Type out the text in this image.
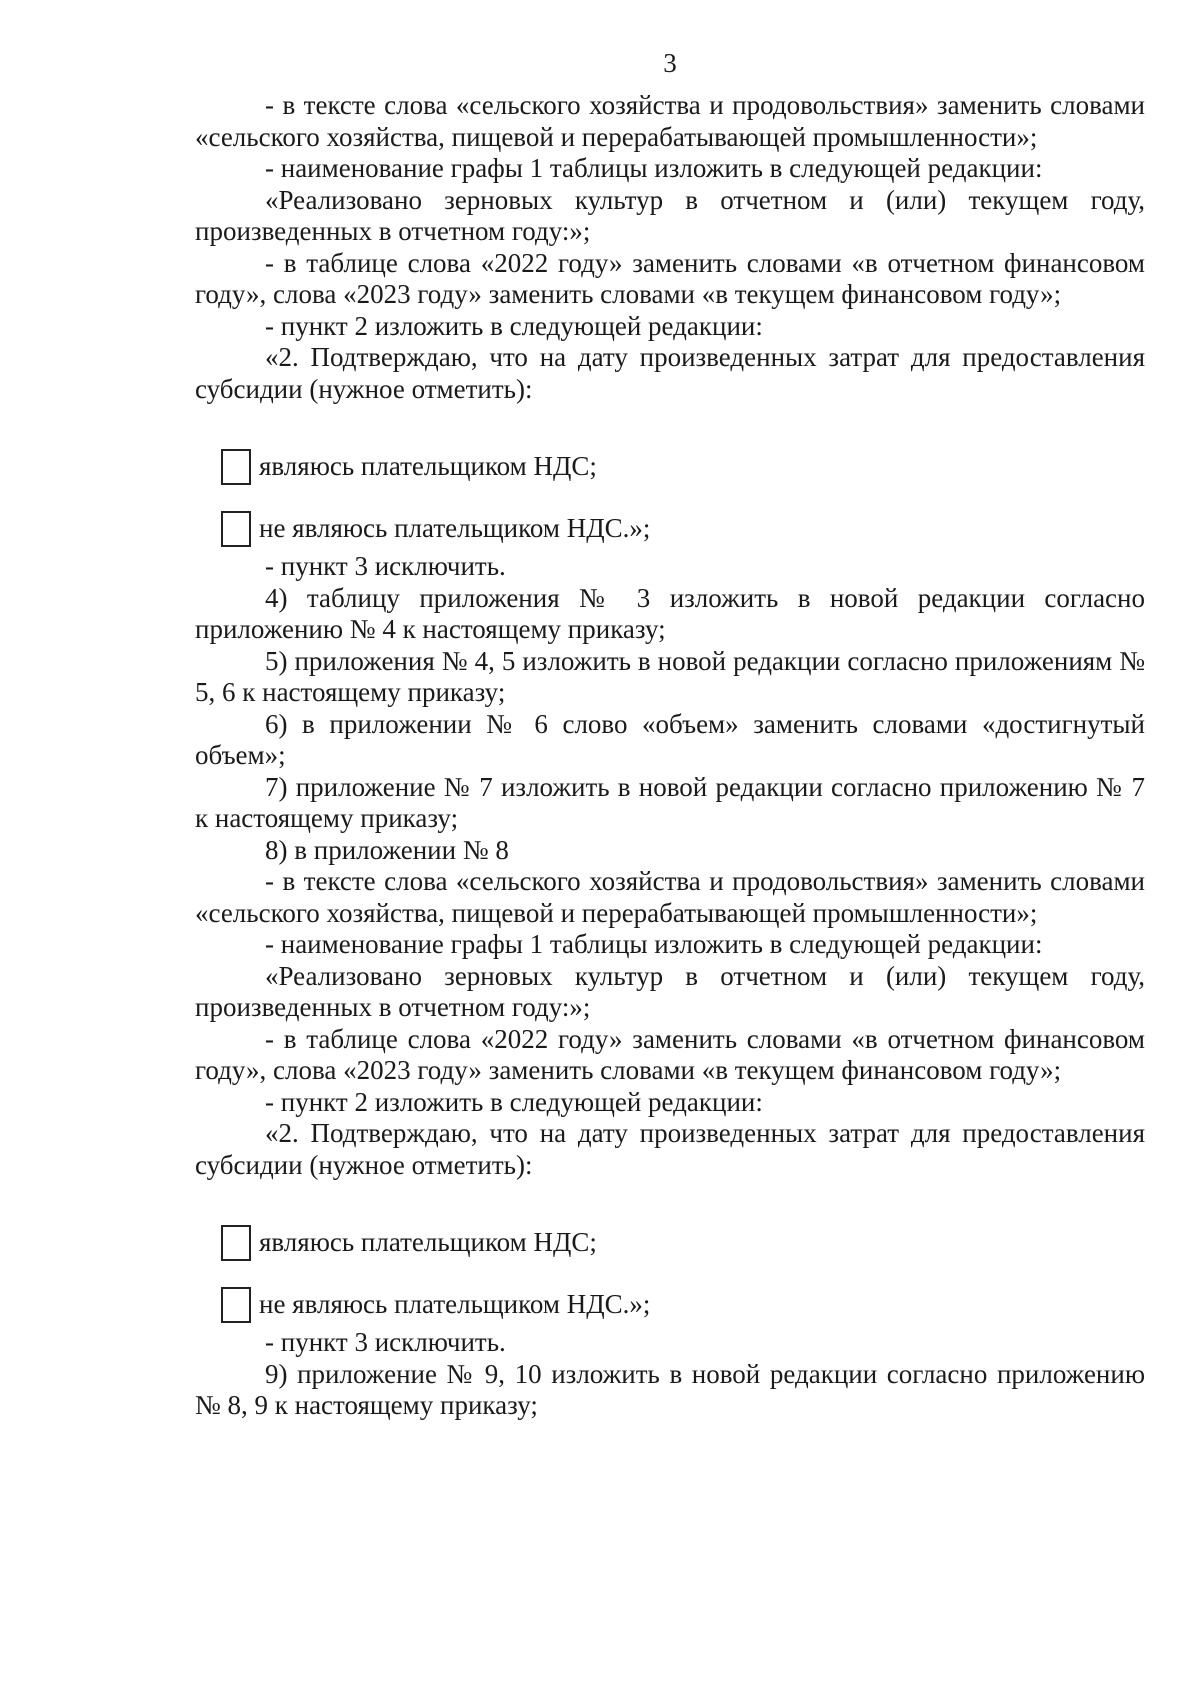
3

- в тексте слова «сельского хозяйства и продовольствия» заменить словами «сельского хозяйства, пищевой и перерабатывающей промышленности»;

- наименование графы 1 таблицы изложить в следующей редакции:

«Реализовано зерновых культур в отчетном и (или) текущем году, произведенных в отчетном году:»;

- в таблице слова «2022 году» заменить словами «в отчетном финансовом году», слова «2023 году» заменить словами «в текущем финансовом году»;

- пункт 2 изложить в следующей редакции:

«2. Подтверждаю, что на дату произведенных затрат для предоставления субсидии (нужное отметить):

являюсь плательщиком НДС;
не являюсь плательщиком НДС.»;

- пункт 3 исключить.

4) таблицу приложения № 3 изложить в новой редакции согласно приложению № 4 к настоящему приказу;

5) приложения № 4, 5 изложить в новой редакции согласно приложениям № 5, 6 к настоящему приказу;

6) в приложении № 6 слово «объем» заменить словами «достигнутый объем»;

7) приложение № 7 изложить в новой редакции согласно приложению № 7 к настоящему приказу;

8) в приложении № 8

- в тексте слова «сельского хозяйства и продовольствия» заменить словами «сельского хозяйства, пищевой и перерабатывающей промышленности»;

- наименование графы 1 таблицы изложить в следующей редакции:

«Реализовано зерновых культур в отчетном и (или) текущем году, произведенных в отчетном году:»;

- в таблице слова «2022 году» заменить словами «в отчетном финансовом году», слова «2023 году» заменить словами «в текущем финансовом году»;

- пункт 2 изложить в следующей редакции:

«2. Подтверждаю, что на дату произведенных затрат для предоставления субсидии (нужное отметить):

являюсь плательщиком НДС;
не являюсь плательщиком НДС.»;

- пункт 3 исключить.

9) приложение № 9, 10 изложить в новой редакции согласно приложению № 8, 9 к настоящему приказу;
